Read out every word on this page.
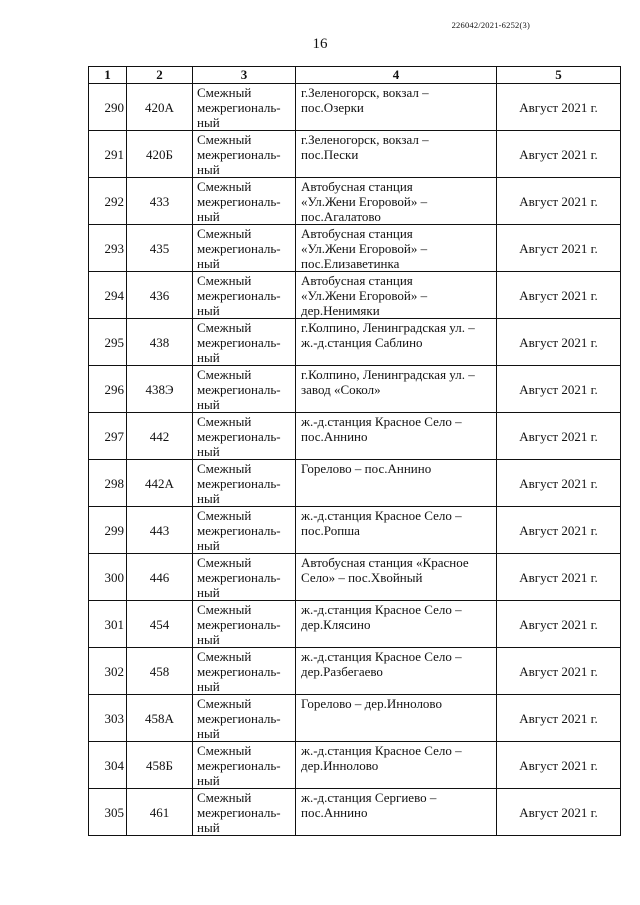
226042/2021-6252(3)
16
1	2	3	4	5
290	420А	Смежный
межрегиональ-
ный	г.Зеленогорск, вокзал –
пос.Озерки	Август 2021 г.
291	420Б	Смежный
межрегиональ-
ный	г.Зеленогорск, вокзал –
пос.Пески	Август 2021 г.
292	433	Смежный
межрегиональ-
ный	Автобусная станция
«Ул.Жени Егоровой» –
пос.Агалатово	Август 2021 г.
293	435	Смежный
межрегиональ-
ный	Автобусная станция
«Ул.Жени Егоровой» –
пос.Елизаветинка	Август 2021 г.
294	436	Смежный
межрегиональ-
ный	Автобусная станция
«Ул.Жени Егоровой» –
дер.Ненимяки	Август 2021 г.
295	438	Смежный
межрегиональ-
ный	г.Колпино, Ленинградская ул. –
ж.-д.станция Саблино	Август 2021 г.
296	438Э	Смежный
межрегиональ-
ный	г.Колпино, Ленинградская ул. –
завод «Сокол»	Август 2021 г.
297	442	Смежный
межрегиональ-
ный	ж.-д.станция Красное Село –
пос.Аннино	Август 2021 г.
298	442А	Смежный
межрегиональ-
ный	Горелово – пос.Аннино	Август 2021 г.
299	443	Смежный
межрегиональ-
ный	ж.-д.станция Красное Село –
пос.Ропша	Август 2021 г.
300	446	Смежный
межрегиональ-
ный	Автобусная станция «Красное
Село» – пос.Хвойный	Август 2021 г.
301	454	Смежный
межрегиональ-
ный	ж.-д.станция Красное Село –
дер.Клясино	Август 2021 г.
302	458	Смежный
межрегиональ-
ный	ж.-д.станция Красное Село –
дер.Разбегаево	Август 2021 г.
303	458А	Смежный
межрегиональ-
ный	Горелово – дер.Иннолово	Август 2021 г.
304	458Б	Смежный
межрегиональ-
ный	ж.-д.станция Красное Село –
дер.Иннолово	Август 2021 г.
305	461	Смежный
межрегиональ-
ный	ж.-д.станция Сергиево –
пос.Аннино	Август 2021 г.
